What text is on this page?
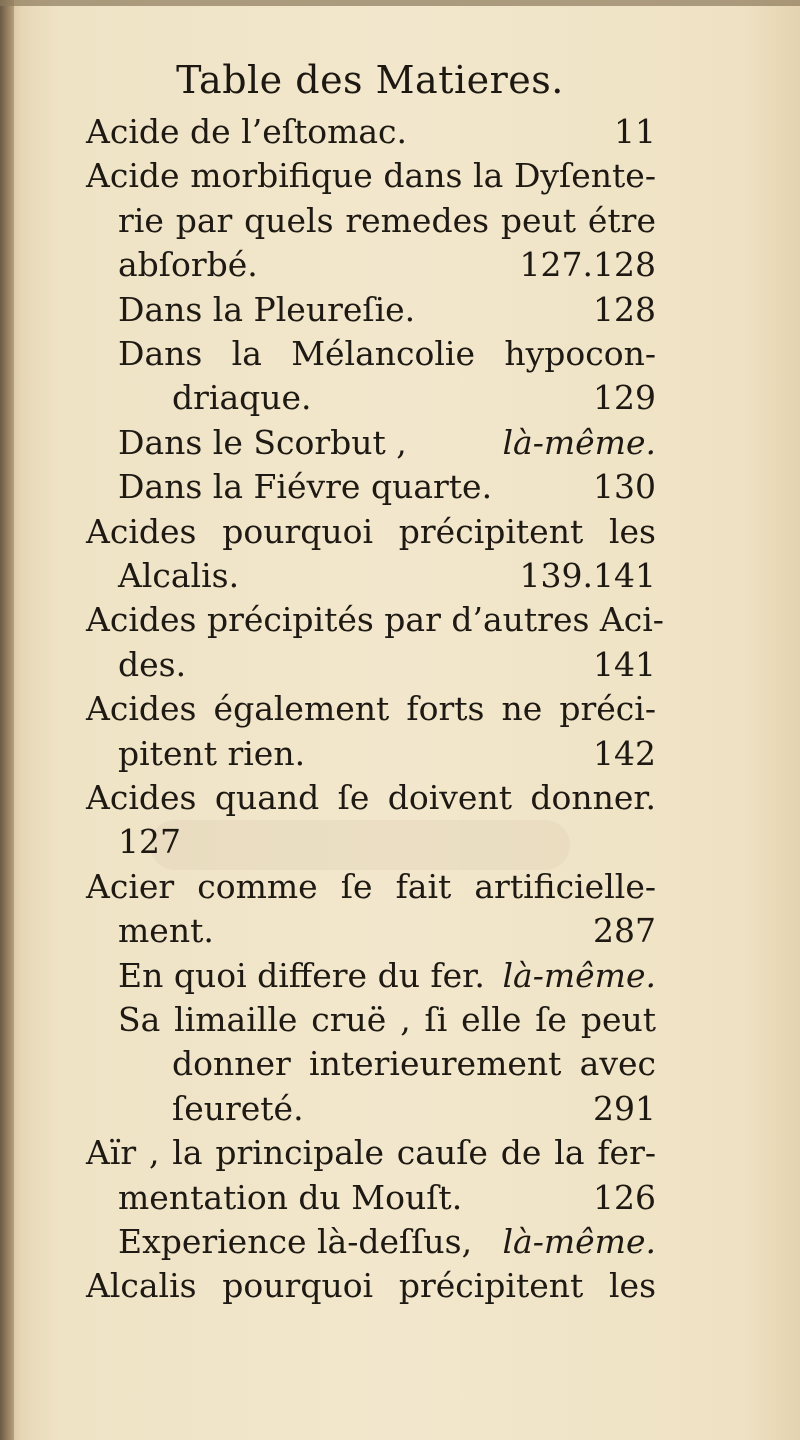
Table des Matieres.
Acide de l’eſtomac.	11
Acide morbifique dans la Dyſente-
rie par quels remedes peut étre
abſorbé.	127.128
Dans la Pleureſie.	128
Dans la Mélancolie hypocon-
driaque.	129
Dans le Scorbut ,	là-même.
Dans la Fiévre quarte.	130
Acides pourquoi précipitent les
Alcalis.	139.141
Acides précipités par d’autres Aci-
des.	141
Acides également forts ne préci-
pitent rien.	142
Acides quand ſe doivent donner.
127
Acier comme ſe fait artificielle-
ment.	287
En quoi differe du fer. là-même.
Sa limaille cruë , ſi elle ſe peut
donner interieurement avec
ſeureté.	291
Aïr , la principale cauſe de la fer-
mentation du Mouſt.	126
Experience là-deſſus, là-même.
Alcalis pourquoi précipitent les
